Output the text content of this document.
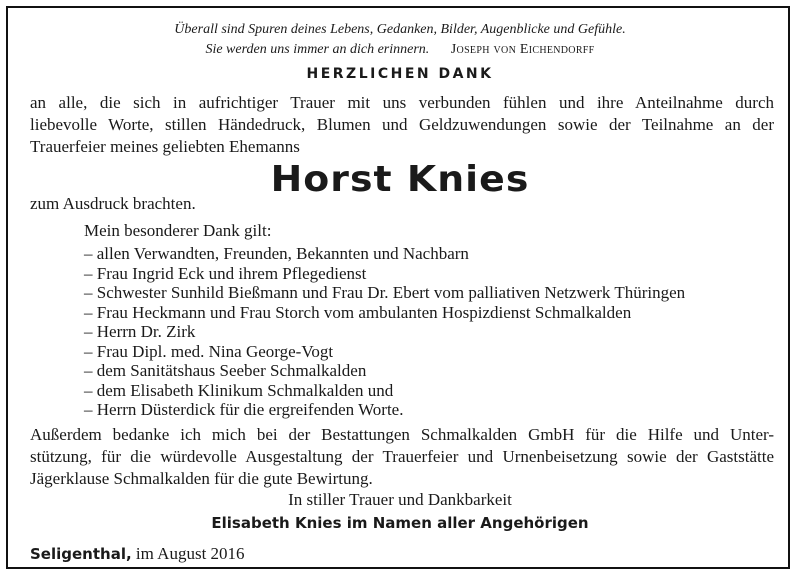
Überall sind Spuren deines Lebens, Gedanken, Bilder, Augenblicke und Gefühle.
Sie werden uns immer an dich erinnern. Joseph von Eichendorff
HERZLICHEN DANK
an alle, die sich in aufrichtiger Trauer mit uns verbunden fühlen und ihre Anteilnahme durch
liebevolle Worte, stillen Händedruck, Blumen und Geldzuwendungen sowie der Teilnahme an der
Trauerfeier meines geliebten Ehemanns
Horst Knies
zum Ausdruck brachten.
Mein besonderer Dank gilt:
– allen Verwandten, Freunden, Bekannten und Nachbarn
– Frau Ingrid Eck und ihrem Pflegedienst
– Schwester Sunhild Bießmann und Frau Dr. Ebert vom palliativen Netzwerk Thüringen
– Frau Heckmann und Frau Storch vom ambulanten Hospizdienst Schmalkalden
– Herrn Dr. Zirk
– Frau Dipl. med. Nina George-Vogt
– dem Sanitätshaus Seeber Schmalkalden
– dem Elisabeth Klinikum Schmalkalden und
– Herrn Düsterdick für die ergreifenden Worte.
Außerdem bedanke ich mich bei der Bestattungen Schmalkalden GmbH für die Hilfe und Unter-
stützung, für die würdevolle Ausgestaltung der Trauerfeier und Urnenbeisetzung sowie der Gaststätte
Jägerklause Schmalkalden für die gute Bewirtung.
In stiller Trauer und Dankbarkeit
Elisabeth Knies im Namen aller Angehörigen
Seligenthal, im August 2016
